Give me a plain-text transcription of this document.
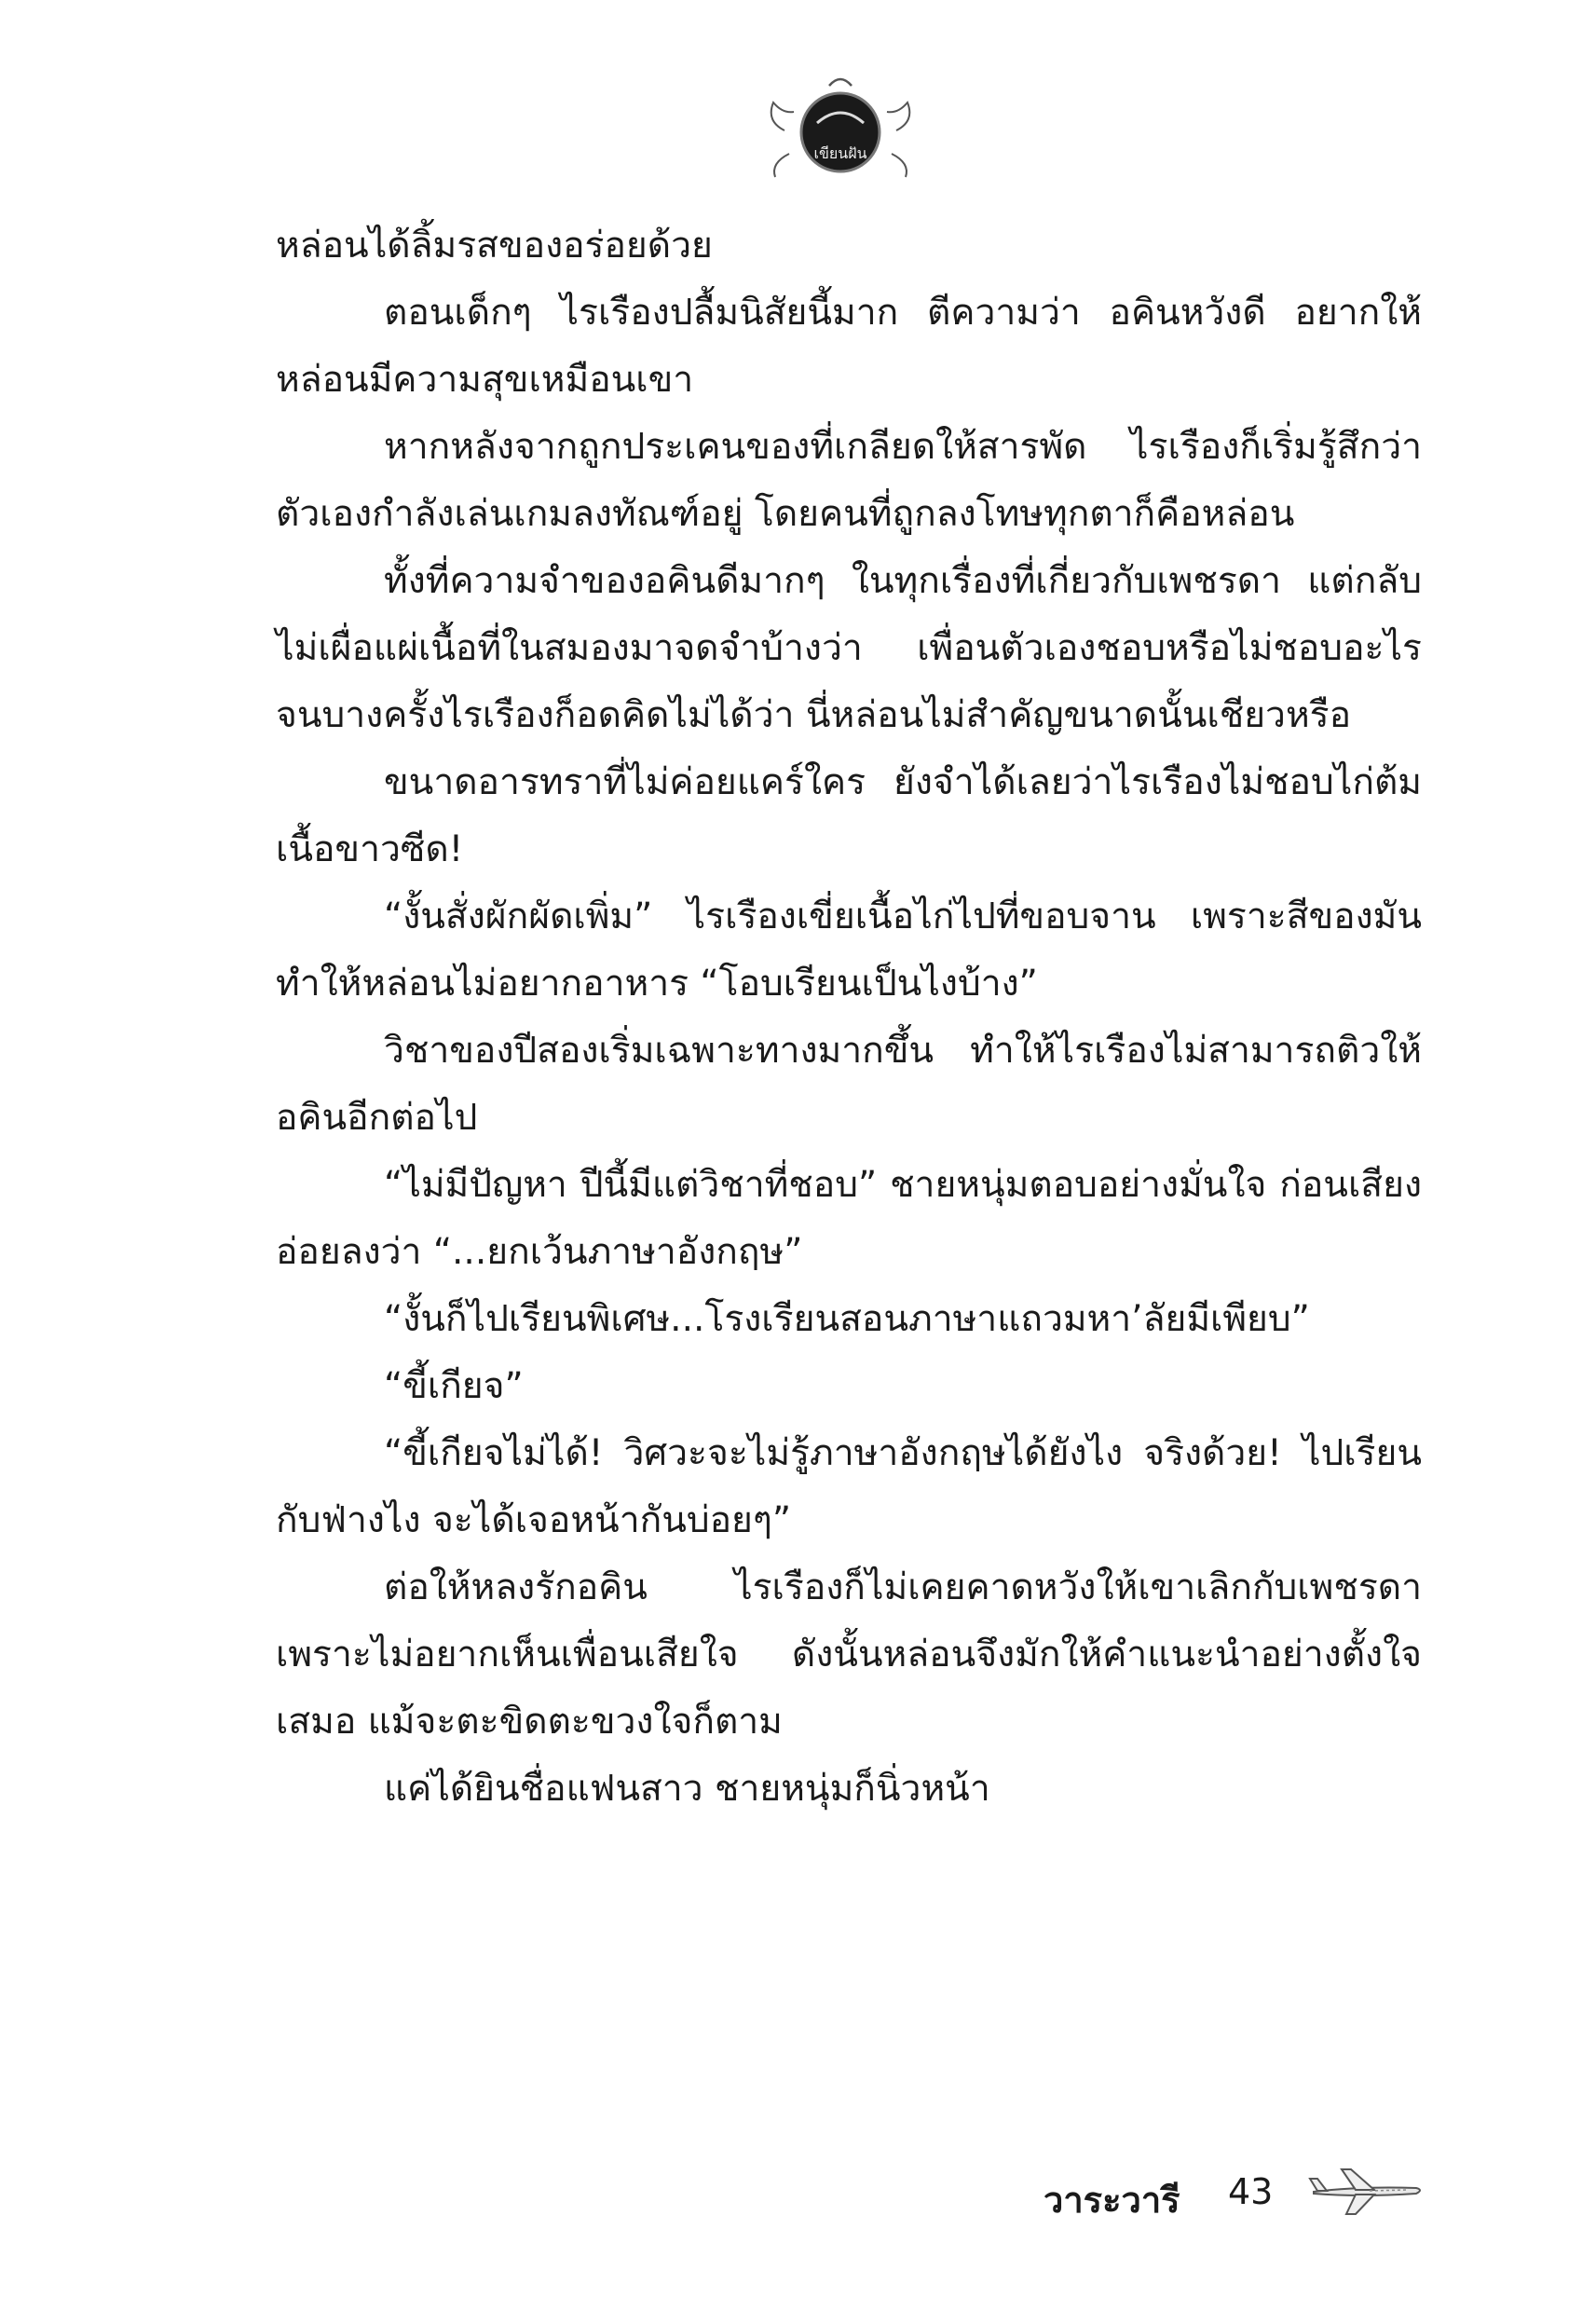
เขียนฝัน

หล่อนได้ลิ้มรสของอร่อยด้วย

ตอนเด็กๆ ไรเรืองปลื้มนิสัยนี้มาก ตีความว่า อคินหวังดี อยากให้หล่อนมีความสุขเหมือนเขา

หากหลังจากถูกประเคนของที่เกลียดให้สารพัด ไรเรืองก็เริ่มรู้สึกว่า ตัวเองกำลังเล่นเกมลงทัณฑ์อยู่ โดยคนที่ถูกลงโทษทุกตาก็คือหล่อน

ทั้งที่ความจำของอคินดีมากๆ ในทุกเรื่องที่เกี่ยวกับเพชรดา แต่กลับไม่เผื่อแผ่เนื้อที่ในสมองมาจดจำบ้างว่า เพื่อนตัวเองชอบหรือไม่ชอบอะไร จนบางครั้งไรเรืองก็อดคิดไม่ได้ว่า นี่หล่อนไม่สำคัญขนาดนั้นเชียวหรือ

ขนาดอารทราที่ไม่ค่อยแคร์ใคร ยังจำได้เลยว่าไรเรืองไม่ชอบไก่ต้มเนื้อขาวซีด!

“งั้นสั่งผักผัดเพิ่ม” ไรเรืองเขี่ยเนื้อไก่ไปที่ขอบจาน เพราะสีของมันทำให้หล่อนไม่อยากอาหาร “โอบเรียนเป็นไงบ้าง”

วิชาของปีสองเริ่มเฉพาะทางมากขึ้น ทำให้ไรเรืองไม่สามารถติวให้อคินอีกต่อไป

“ไม่มีปัญหา ปีนี้มีแต่วิชาที่ชอบ” ชายหนุ่มตอบอย่างมั่นใจ ก่อนเสียงอ่อยลงว่า “...ยกเว้นภาษาอังกฤษ”

“งั้นก็ไปเรียนพิเศษ...โรงเรียนสอนภาษาแถวมหา’ลัยมีเพียบ”

“ขี้เกียจ”

“ขี้เกียจไม่ได้! วิศวะจะไม่รู้ภาษาอังกฤษได้ยังไง จริงด้วย! ไปเรียนกับฟ่างไง จะได้เจอหน้ากันบ่อยๆ”

ต่อให้หลงรักอคิน ไรเรืองก็ไม่เคยคาดหวังให้เขาเลิกกับเพชรดา เพราะไม่อยากเห็นเพื่อนเสียใจ ดังนั้นหล่อนจึงมักให้คำแนะนำอย่างตั้งใจเสมอ แม้จะตะขิดตะขวงใจก็ตาม

แค่ได้ยินชื่อแฟนสาว ชายหนุ่มก็นิ่วหน้า

วาระวารี 43
